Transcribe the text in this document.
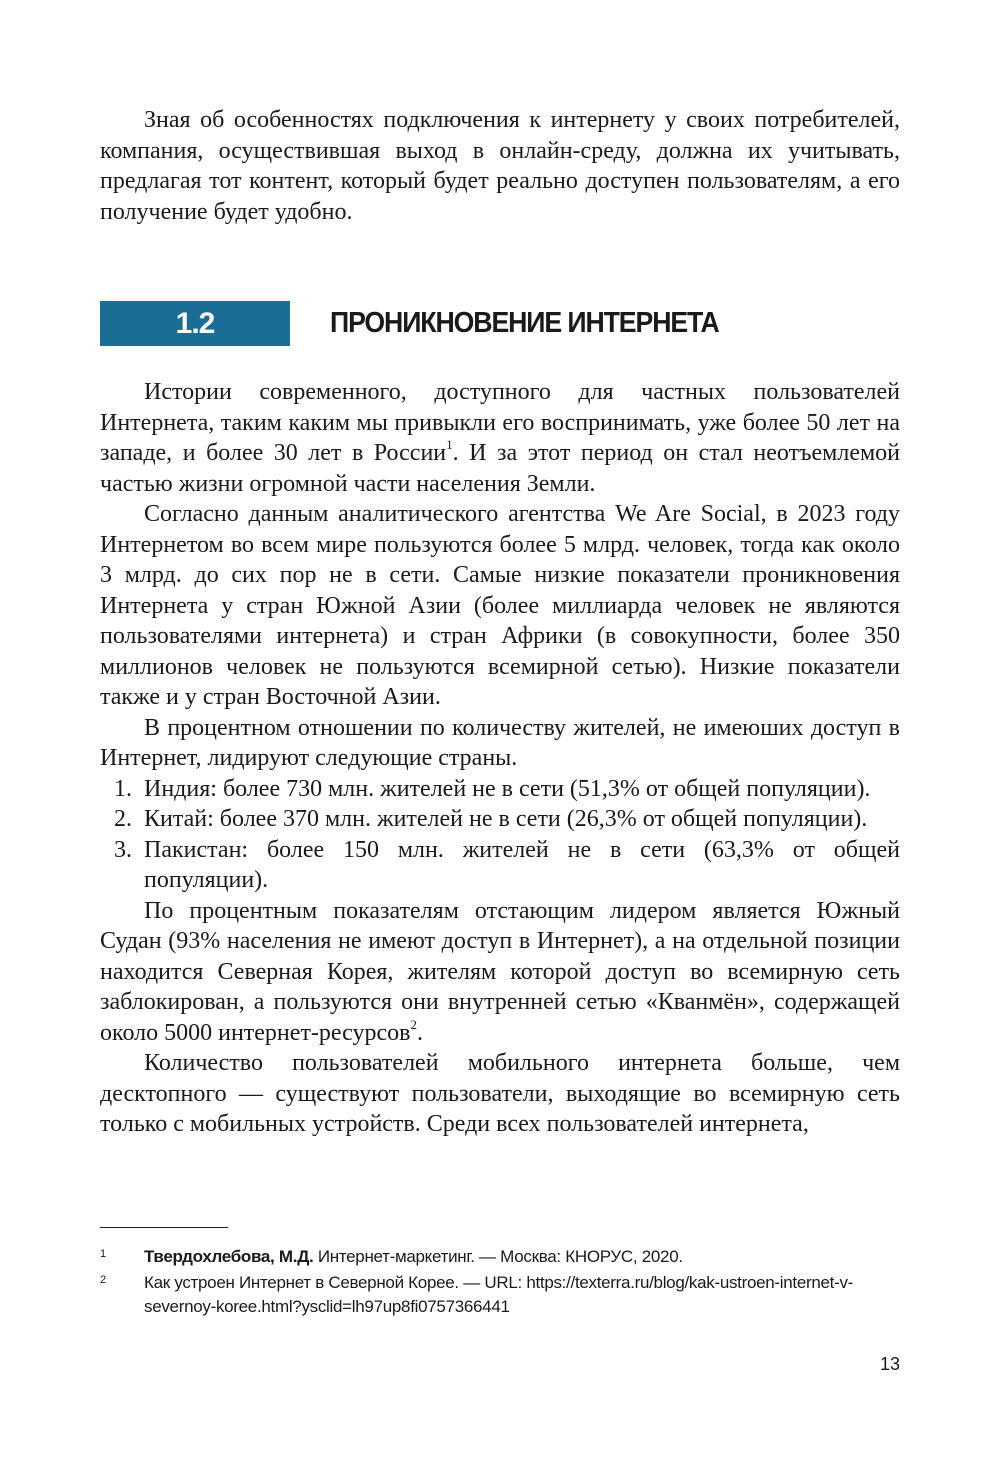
Зная об особенностях подключения к интернету у своих потребителей, компания, осуществившая выход в онлайн-среду, должна их учитывать, предлагая тот контент, который будет реально доступен пользователям, а его получение будет удобно.

1.2	ПРОНИКНОВЕНИЕ ИНТЕРНЕТА

Истории современного, доступного для частных пользователей Интернета, таким каким мы привыкли его воспринимать, уже более 50 лет на западе, и более 30 лет в России$^1$. И за этот период он стал неотъемлемой частью жизни огромной части населения Земли.

Согласно данным аналитического агентства We Are Social, в 2023 году Интернетом во всем мире пользуются более 5 млрд. человек, тогда как около 3 млрд. до сих пор не в сети. Самые низкие показатели проникновения Интернета у стран Южной Азии (более миллиарда человек не являются пользователями интернета) и стран Африки (в совокупности, более 350 миллионов человек не пользуются всемирной сетью). Низкие показатели также и у стран Восточной Азии.

В процентном отношении по количеству жителей, не имеюших доступ в Интернет, лидируют следующие страны.

1. Индия: более 730 млн. жителей не в сети (51,3% от общей популяции).
2. Китай: более 370 млн. жителей не в сети (26,3% от общей популяции).
3. Пакистан: более 150 млн. жителей не в сети (63,3% от общей популяции).

По процентным показателям отстающим лидером является Южный Судан (93% населения не имеют доступ в Интернет), а на отдельной позиции находится Северная Корея, жителям которой доступ во всемирную сеть заблокирован, а пользуются они внутренней сетью «Кванмён», содержащей около 5000 интернет-ресурсов$^2$.

Количество пользователей мобильного интернета больше, чем десктопного — существуют пользователи, выходящие во всемирную сеть только с мобильных устройств. Среди всех пользователей интернета,

1 Твердохлебова, М.Д. Интернет-маркетинг. — Москва: КНОРУС, 2020.
2 Как устроен Интернет в Северной Корее. — URL: https://texterra.ru/blog/kak-ustroen-internet-v-severnoy-koree.html?ysclid=lh97up8fi0757366441
13
